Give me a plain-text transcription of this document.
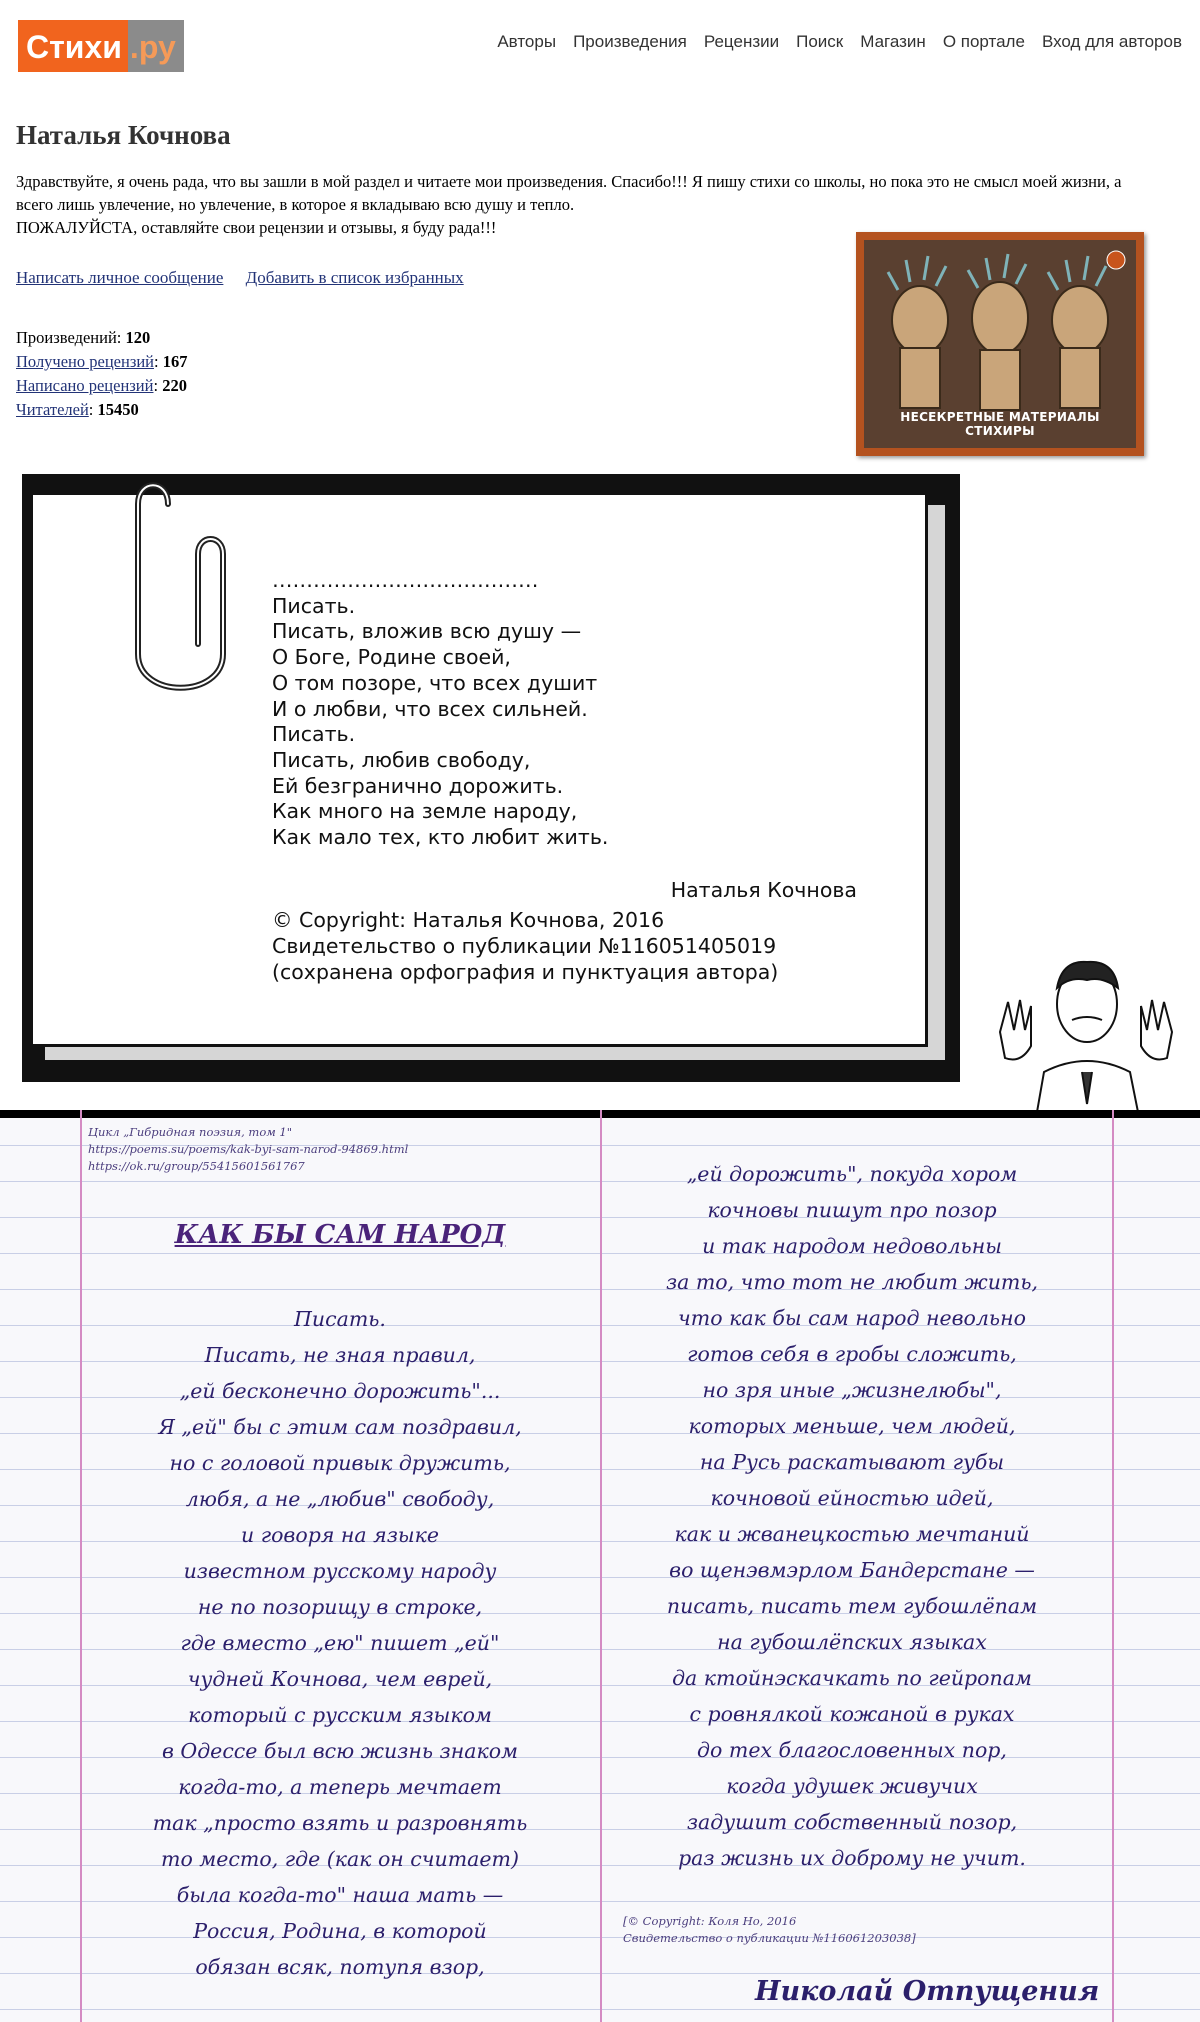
Стихи .ру	Авторы Произведения Рецензии Поиск Магазин О портале Вход для авторов
Наталья Кочнова
Здравствуйте, я очень рада, что вы зашли в мой раздел и читаете мои произведения. Спасибо!!! Я пишу стихи со школы, но пока это не смысл моей жизни, а всего лишь увлечение, но увлечение, в которое я вкладываю всю душу и тепло.
ПОЖАЛУЙСТА, оставляйте свои рецензии и отзывы, я буду рада!!!
Написать личное сообщение Добавить в список избранных
Произведений: 120
Получено рецензий: 167
Написано рецензий: 220
Читателей: 15450	НЕСЕКРЕТНЫЕ МАТЕРИАЛЫ СТИХИРЫ
…………………………………
Писать.
Писать, вложив всю душу —
О Боге, Родине своей,
О том позоре, что всех душит
И о любви, что всех сильней.
Писать.
Писать, любив свободу,
Ей безгранично дорожить.
Как много на земле народу,
Как мало тех, кто любит жить.
Наталья Кочнова
© Copyright: Наталья Кочнова, 2016
Свидетельство о публикации №116051405019
(сохранена орфография и пунктуация автора)
Цикл „Гибридная поэзия, том 1"
https://poems.su/poems/kak-byi-sam-narod-94869.html
https://ok.ru/group/55415601561767
КАК БЫ САМ НАРОД
Писать.
Писать, не зная правил,
„ей бесконечно дорожить"...
Я „ей" бы с этим сам поздравил,
но с головой привык дружить,
любя, а не „любив" свободу,
и говоря на языке
известном русскому народу
не по позорищу в строке,
где вместо „ею" пишет „ей"
чудней Кочнова, чем еврей,
который с русским языком
в Одессе был всю жизнь знаком
когда-то, а теперь мечтает
так „просто взять и разровнять
то место, где (как он считает)
была когда-то" наша мать —
Россия, Родина, в которой
обязан всяк, потупя взор,
„ей дорожить", покуда хором
кочновы пишут про позор
и так народом недовольны
за то, что тот не любит жить,
что как бы сам народ невольно
готов себя в гробы сложить,
но зря иные „жизнелюбы",
которых меньше, чем людей,
на Русь раскатывают губы
кочновой ейностью идей,
как и жванецкостью мечтаний
во щенэвмэрлом Бандерстане —
писать, писать тем губошлёпам
на губошлёпских языках
да ктойнэскачкать по гейропам
с ровнялкой кожаной в руках
до тех благословенных пор,
когда удушек живучих
задушит собственный позор,
раз жизнь их доброму не учит.
[© Copyright: Коля Но, 2016
Свидетельство о публикации №116061203038]
Николай Отпущения
